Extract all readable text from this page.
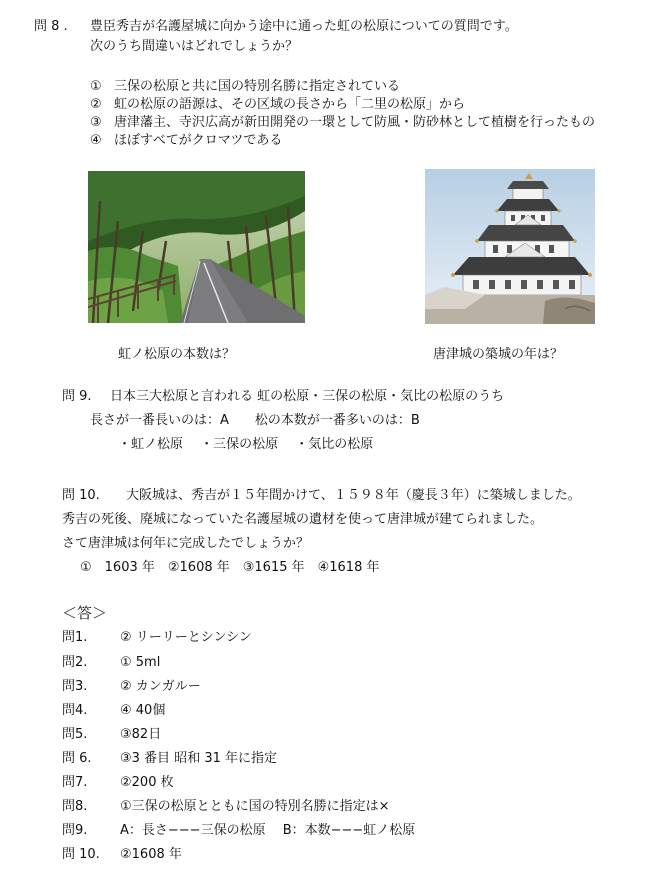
問 8 . 豊臣秀吉が名護屋城に向かう途中に通った虹の松原についての質問です。
次のうち間違いはどれでしょうか？
① 三保の松原と共に国の特別名勝に指定されている
② 虹の松原の語源は、その区域の長さから「二里の松原」から
③ 唐津藩主、寺沢広高が新田開発の一環として防風・防砂林として植樹を行ったもの
④ ほぼすべてがクロマツである
虹ノ松原の本数は？	唐津城の築城の年は？
問 9. 日本三大松原と言われる 虹の松原・三保の松原・気比の松原のうち
長さが一番長いのは：A　　松の本数が一番多いのは：B
・虹ノ松原　 ・三保の松原　 ・気比の松原
問 10. 大阪城は、秀吉が１５年間かけて、１５９８年（慶長３年）に築城しました。
秀吉の死後、廃城になっていた名護屋城の遺材を使って唐津城が建てられました。
さて唐津城は何年に完成したでしょうか？
①　1603 年　②1608 年　③1615 年　④1618 年
＜答＞
問1.	② リーリーとシンシン
問2.	① 5ml
問3.	② カンガルー
問4.	④ 40個
問5.	③82日
問 6. ③3 番目 昭和 31 年に指定
問7.	②200 枚
問8.	①三保の松原とともに国の特別名勝に指定は×
問9.	A：長さ−−−三保の松原　 B：本数−−−虹ノ松原
問 10. ②1608 年
